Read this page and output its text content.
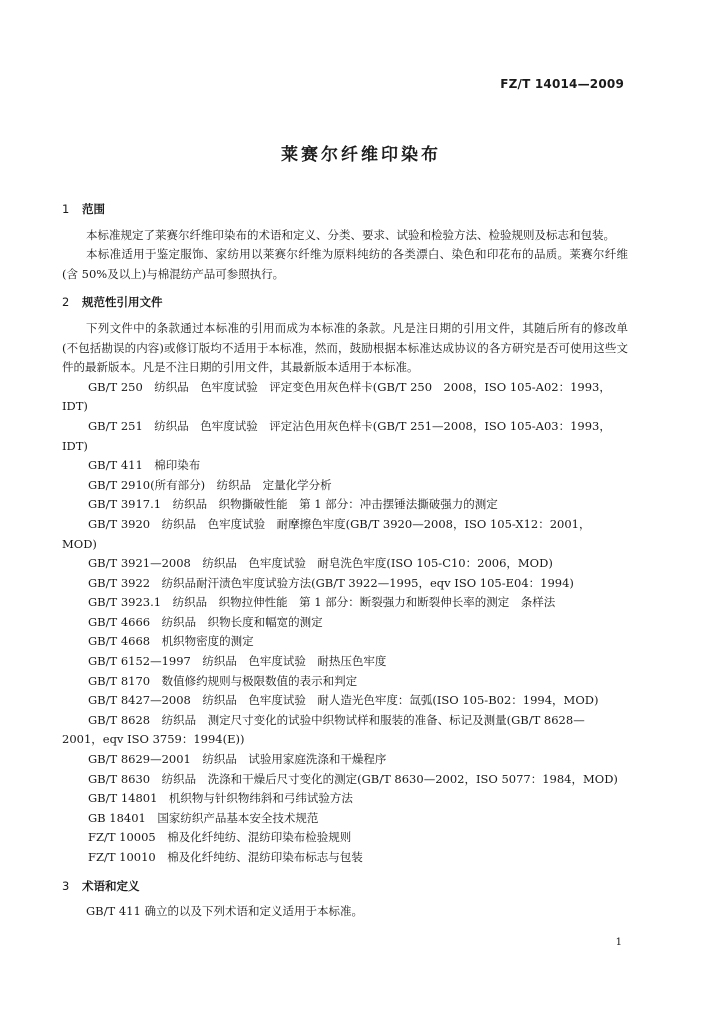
FZ/T 14014—2009
莱赛尔纤维印染布
1 范围

本标准规定了莱赛尔纤维印染布的术语和定义、分类、要求、试验和检验方法、检验规则及标志和包装。

本标准适用于鉴定服饰、家纺用以莱赛尔纤维为原料纯纺的各类漂白、染色和印花布的品质。莱赛尔纤维(含 50%及以上)与棉混纺产品可参照执行。

2 规范性引用文件

下列文件中的条款通过本标准的引用而成为本标准的条款。凡是注日期的引用文件，其随后所有的修改单(不包括勘误的内容)或修订版均不适用于本标准，然而，鼓励根据本标准达成协议的各方研究是否可使用这些文件的最新版本。凡是不注日期的引用文件，其最新版本适用于本标准。

GB/T 250　纺织品　色牢度试验　评定变色用灰色样卡(GB/T 250　2008，ISO 105-A02：1993，
IDT)

GB/T 251　纺织品　色牢度试验　评定沾色用灰色样卡(GB/T 251—2008，ISO 105-A03：1993，
IDT)

GB/T 411　棉印染布

GB/T 2910(所有部分)　纺织品　定量化学分析

GB/T 3917.1　纺织品　织物撕破性能　第 1 部分：冲击摆锤法撕破强力的测定

GB/T 3920　纺织品　色牢度试验　耐摩擦色牢度(GB/T 3920—2008，ISO 105-X12：2001，
MOD)

GB/T 3921—2008　纺织品　色牢度试验　耐皂洗色牢度(ISO 105-C10：2006，MOD)

GB/T 3922　纺织品耐汗渍色牢度试验方法(GB/T 3922—1995，eqv ISO 105-E04：1994)

GB/T 3923.1　纺织品　织物拉伸性能　第 1 部分：断裂强力和断裂伸长率的测定　条样法

GB/T 4666　纺织品　织物长度和幅宽的测定

GB/T 4668　机织物密度的测定

GB/T 6152—1997　纺织品　色牢度试验　耐热压色牢度

GB/T 8170　数值修约规则与极限数值的表示和判定

GB/T 8427—2008　纺织品　色牢度试验　耐人造光色牢度：氙弧(ISO 105-B02：1994，MOD)

GB/T 8628　纺织品　测定尺寸变化的试验中织物试样和服装的准备、标记及测量(GB/T 8628—
2001，eqv ISO 3759：1994(E))

GB/T 8629—2001　纺织品　试验用家庭洗涤和干燥程序

GB/T 8630　纺织品　洗涤和干燥后尺寸变化的测定(GB/T 8630—2002，ISO 5077：1984，MOD)

GB/T 14801　机织物与针织物纬斜和弓纬试验方法

GB 18401　国家纺织产品基本安全技术规范

FZ/T 10005　棉及化纤纯纺、混纺印染布检验规则

FZ/T 10010　棉及化纤纯纺、混纺印染布标志与包装

3 术语和定义

GB/T 411 确立的以及下列术语和定义适用于本标准。

1
